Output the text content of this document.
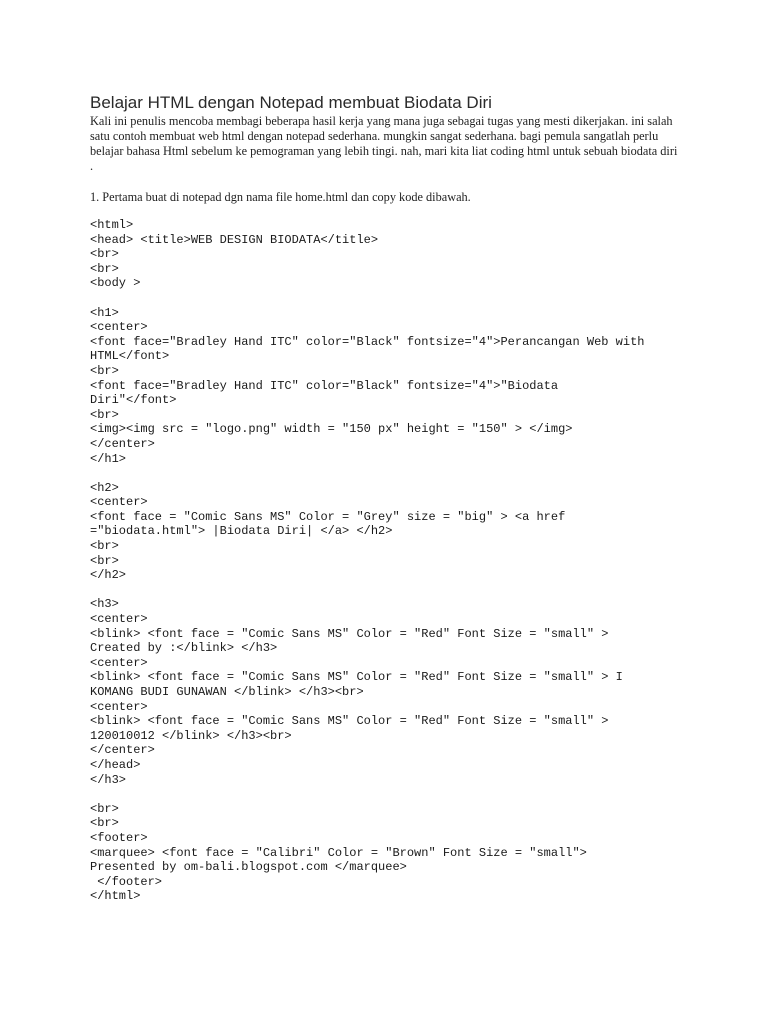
Belajar HTML dengan Notepad membuat Biodata Diri

Kali ini penulis mencoba membagi beberapa hasil kerja yang mana juga sebagai tugas yang mesti dikerjakan. ini salah satu contoh membuat web html dengan notepad sederhana. mungkin sangat sederhana. bagi pemula sangatlah perlu belajar bahasa Html sebelum ke pemograman yang lebih tingi. nah, mari kita liat coding html untuk sebuah biodata diri .

1. Pertama buat di notepad dgn nama file home.html dan copy kode dibawah.

<html>
<head> <title>WEB DESIGN BIODATA</title>
<br>
<br>
<body >
<h1>
<center>
<font face="Bradley Hand ITC" color="Black" fontsize="4">Perancangan Web with
HTML</font>
<br>
<font face="Bradley Hand ITC" color="Black" fontsize="4">"Biodata
Diri"</font>
<br>
<img><img src = "logo.png" width = "150 px" height = "150" > </img>
</center>
</h1>
<h2>
<center>
<font face = "Comic Sans MS" Color = "Grey" size = "big" > <a href
="biodata.html"> |Biodata Diri| </a> </h2>
<br>
<br>
</h2>
<h3>
<center>
<blink> <font face = "Comic Sans MS" Color = "Red" Font Size = "small" >
Created by :</blink> </h3>
<center>
<blink> <font face = "Comic Sans MS" Color = "Red" Font Size = "small" > I
KOMANG BUDI GUNAWAN </blink> </h3><br>
<center>
<blink> <font face = "Comic Sans MS" Color = "Red" Font Size = "small" >
120010012 </blink> </h3><br>
</center>
</head>
</h3>
<br>
<br>
<footer>
<marquee> <font face = "Calibri" Color = "Brown" Font Size = "small">
Presented by om-bali.blogspot.com </marquee>
</footer>
</html>
